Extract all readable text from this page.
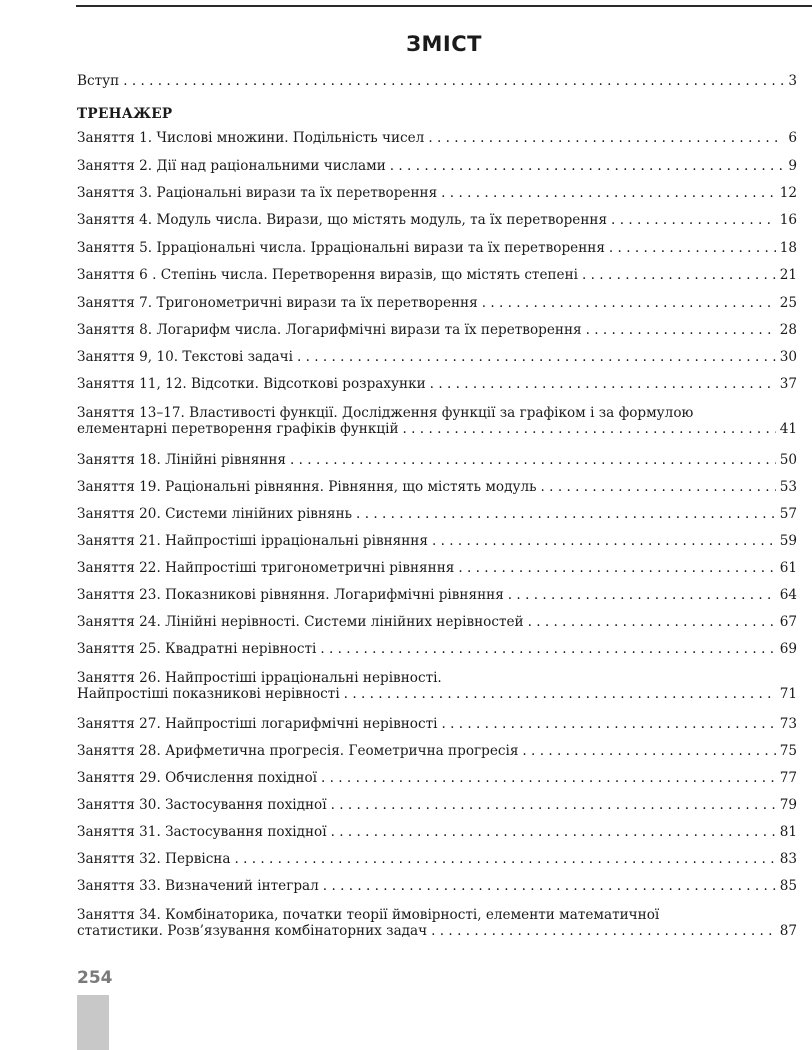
ЗМІСТ
Вступ . . .	3
ТРЕНАЖЕР
Заняття 1. Числові множини. Подільність чисел . . .	6
Заняття 2. Дії над раціональними числами . . .	9
Заняття 3. Раціональні вирази та їх перетворення . . .	12
Заняття 4. Модуль числа. Вирази, що містять модуль, та їх перетворення . . .	16
Заняття 5. Ірраціональні числа. Ірраціональні вирази та їх перетворення . . .	18
Заняття 6 . Степінь числа. Перетворення виразів, що містять степені . . .	21
Заняття 7. Тригонометричні вирази та їх перетворення . . .	25
Заняття 8. Логарифм числа. Логарифмічні вирази та їх перетворення . . .	28
Заняття 9, 10. Текстові задачі . . .	30
Заняття 11, 12. Відсотки. Відсоткові розрахунки . . .	37
Заняття 13–17. Властивості функції. Дослідження функції за графіком і за формулою
елементарні перетворення графіків функцій . . .	41
Заняття 18. Лінійні рівняння . . .	50
Заняття 19. Раціональні рівняння. Рівняння, що містять модуль . . .	53
Заняття 20. Системи лінійних рівнянь . . .	57
Заняття 21. Найпростіші ірраціональні рівняння . . .	59
Заняття 22. Найпростіші тригонометричні рівняння . . .	61
Заняття 23. Показникові рівняння. Логарифмічні рівняння . . .	64
Заняття 24. Лінійні нерівності. Системи лінійних нерівностей . . .	67
Заняття 25. Квадратні нерівності . . .	69
Заняття 26. Найпростіші ірраціональні нерівності.
Найпростіші показникові нерівності . . .	71
Заняття 27. Найпростіші логарифмічні нерівності . . .	73
Заняття 28. Арифметична прогресія. Геометрична прогресія . . .	75
Заняття 29. Обчислення похідної . . .	77
Заняття 30. Застосування похідної . . .	79
Заняття 31. Застосування похідної . . .	81
Заняття 32. Первісна . . .	83
Заняття 33. Визначений інтеграл . . .	85
Заняття 34. Комбінаторика, початки теорії ймовірності, елементи математичної
статистики. Розв’язування комбінаторних задач . . .	87
254
